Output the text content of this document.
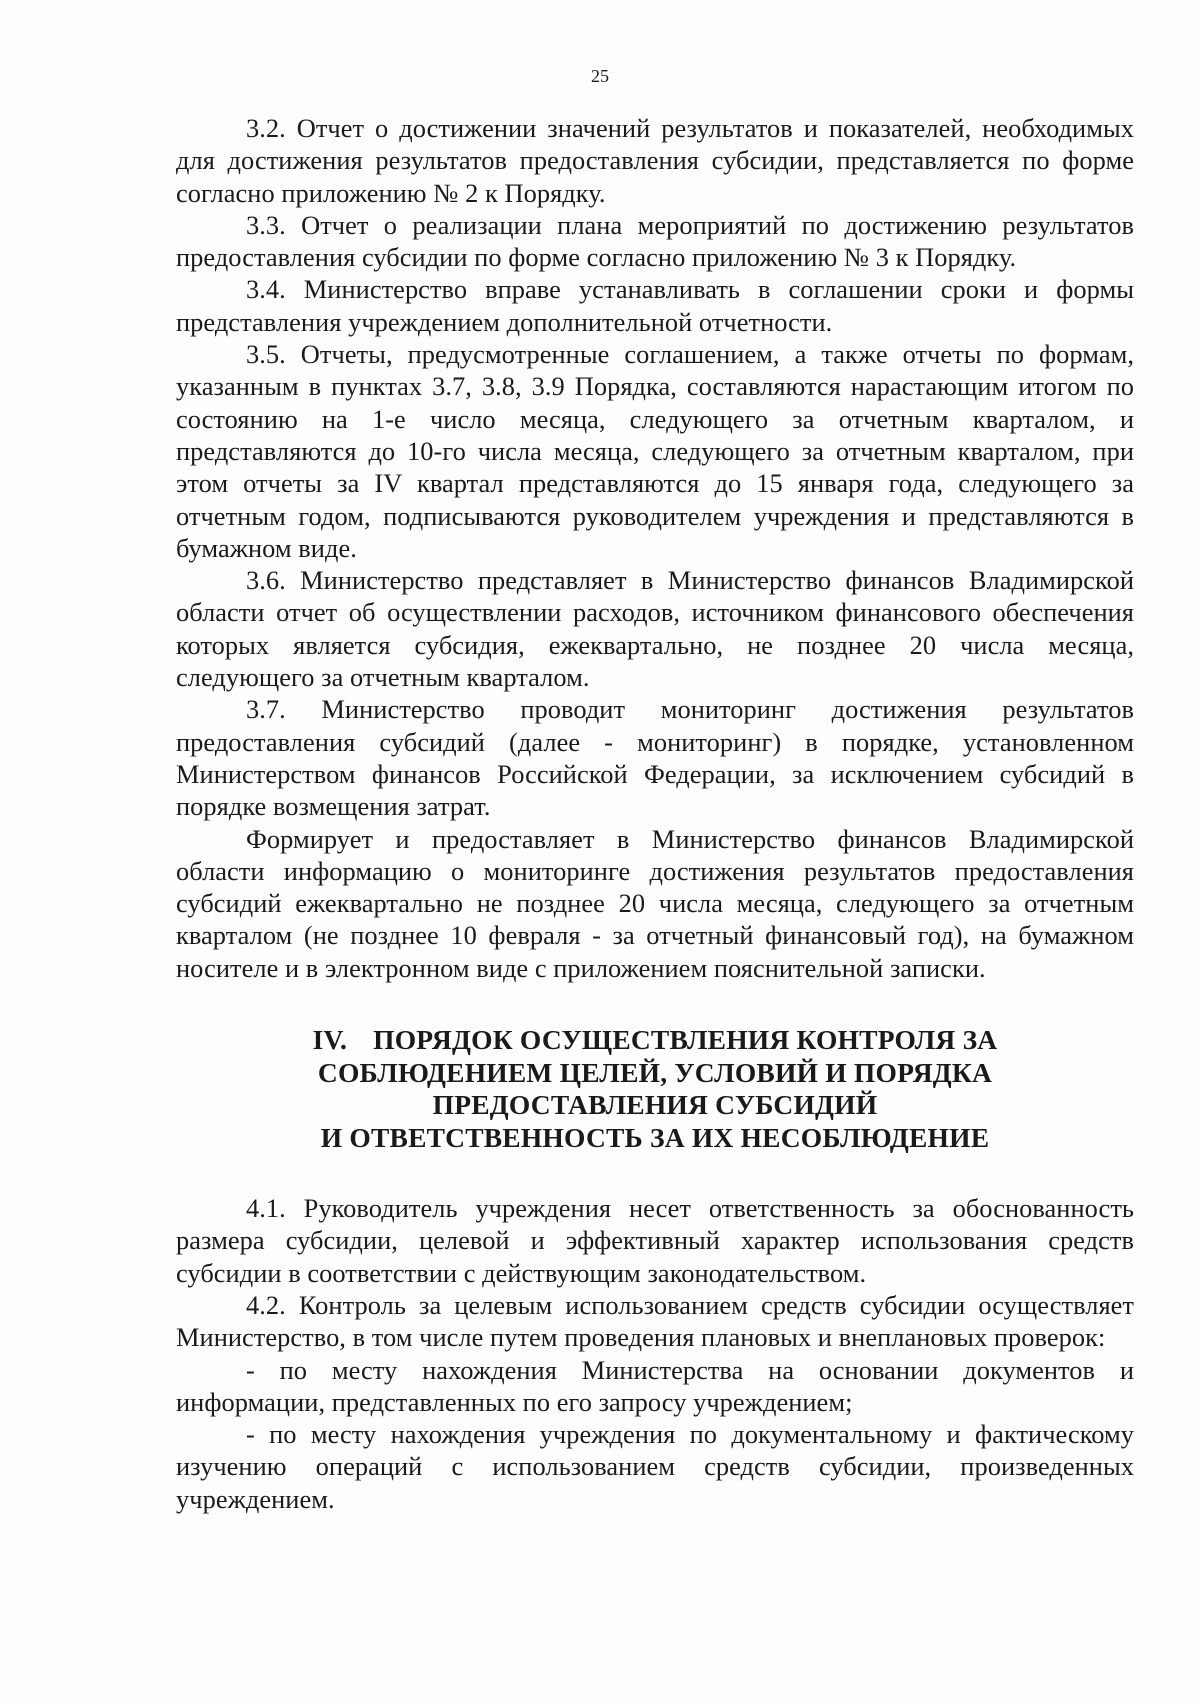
25

3.2. Отчет о достижении значений результатов и показателей, необходимых для достижения результатов предоставления субсидии, представляется по форме согласно приложению № 2 к Порядку.

3.3. Отчет о реализации плана мероприятий по достижению результатов предоставления субсидии по форме согласно приложению № 3 к Порядку.

3.4. Министерство вправе устанавливать в соглашении сроки и формы представления учреждением дополнительной отчетности.

3.5. Отчеты, предусмотренные соглашением, а также отчеты по формам, указанным в пунктах 3.7, 3.8, 3.9 Порядка, составляются нарастающим итогом по состоянию на 1-е число месяца, следующего за отчетным кварталом, и представляются до 10-го числа месяца, следующего за отчетным кварталом, при этом отчеты за IV квартал представляются до 15 января года, следующего за отчетным годом, подписываются руководителем учреждения и представляются в бумажном виде.

3.6. Министерство представляет в Министерство финансов Владимирской области отчет об осуществлении расходов, источником финансового обеспечения которых является субсидия, ежеквартально, не позднее 20 числа месяца, следующего за отчетным кварталом.

3.7. Министерство проводит мониторинг достижения результатов предоставления субсидий (далее - мониторинг) в порядке, установленном Министерством финансов Российской Федерации, за исключением субсидий в порядке возмещения затрат.

Формирует и предоставляет в Министерство финансов Владимирской области информацию о мониторинге достижения результатов предоставления субсидий ежеквартально не позднее 20 числа месяца, следующего за отчетным кварталом (не позднее 10 февраля - за отчетный финансовый год), на бумажном носителе и в электронном виде с приложением пояснительной записки.

IV. ПОРЯДОК ОСУЩЕСТВЛЕНИЯ КОНТРОЛЯ ЗА
СОБЛЮДЕНИЕМ ЦЕЛЕЙ, УСЛОВИЙ И ПОРЯДКА
ПРЕДОСТАВЛЕНИЯ СУБСИДИЙ
И ОТВЕТСТВЕННОСТЬ ЗА ИХ НЕСОБЛЮДЕНИЕ

4.1. Руководитель учреждения несет ответственность за обоснованность размера субсидии, целевой и эффективный характер использования средств субсидии в соответствии с действующим законодательством.

4.2. Контроль за целевым использованием средств субсидии осуществляет Министерство, в том числе путем проведения плановых и внеплановых проверок:

- по месту нахождения Министерства на основании документов и информации, представленных по его запросу учреждением;

- по месту нахождения учреждения по документальному и фактическому изучению операций с использованием средств субсидии, произведенных учреждением.
